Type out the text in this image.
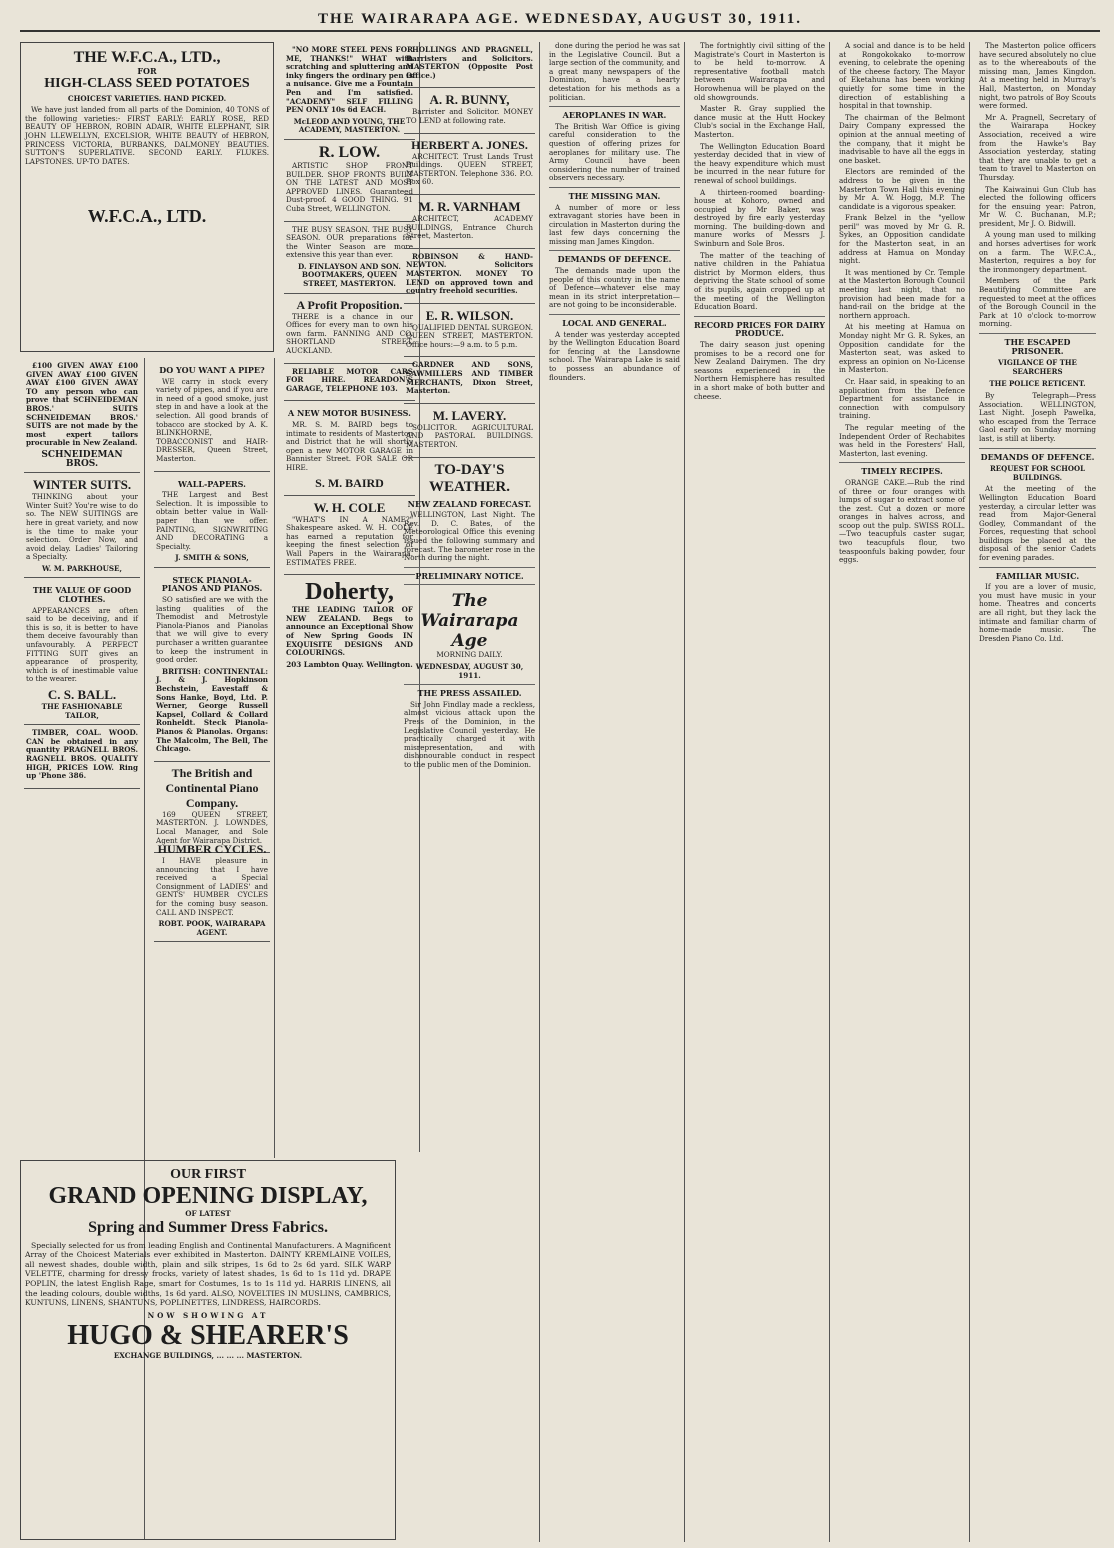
THE WAIRARAPA AGE. WEDNESDAY, AUGUST 30, 1911.
THE W.F.C.A., LTD.,
FOR
HIGH-CLASS SEED POTATOES
CHOICEST VARIETIES. HAND PICKED.

We have just landed from all parts of the Dominion, 40 TONS of the following varieties:- FIRST EARLY: EARLY ROSE, RED BEAUTY OF HEBRON, ROBIN ADAIR, WHITE ELEPHANT, SIR JOHN LLEWELLYN, EXCELSIOR, WHITE BEAUTY of HEBRON, PRINCESS VICTORIA, BURBANKS, DALMONEY BEAUTIES. SUTTON'S SUPERLATIVE. SECOND EARLY. FLUKES. LAPSTONES. UP-TO DATES.

W.F.C.A., LTD.

£100 GIVEN AWAY £100 GIVEN AWAY £100 GIVEN AWAY £100 GIVEN AWAY TO any person who can prove that SCHNEIDEMAN BROS.' SUITS SCHNEIDEMAN BROS.' SUITS are not made by the most expert tailors procurable in New Zealand.

SCHNEIDEMAN BROS.
WINTER SUITS.

THINKING about your Winter Suit? You're wise to do so. The NEW SUITINGS are here in great variety, and now is the time to make your selection. Order Now, and avoid delay. Ladies' Tailoring a Specialty.

W. M. PARKHOUSE,
THE VALUE OF GOOD CLOTHES.

APPEARANCES are often said to be deceiving, and if this is so, it is better to have them deceive favourably than unfavourably. A PERFECT FITTING SUIT gives an appearance of prosperity, which is of inestimable value to the wearer.

C. S. BALL.
THE FASHIONABLE TAILOR,

TIMBER, COAL. WOOD. CAN be obtained in any quantity PRAGNELL BROS. RAGNELL BROS. QUALITY HIGH, PRICES LOW. Ring up 'Phone 386.

DO YOU WANT A PIPE?

WE carry in stock every variety of pipes, and if you are in need of a good smoke, just step in and have a look at the selection. All good brands of tobacco are stocked by A. K. BLINKHORNE, TOBACCONIST and HAIR-DRESSER, Queen Street, Masterton.

WALL-PAPERS.

THE Largest and Best Selection. It is impossible to obtain better value in Wall-paper than we offer. PAINTING, SIGNWRITING AND DECORATING a Specialty.

J. SMITH & SONS,
STECK PIANOLA-PIANOS AND PIANOS.

SO satisfied are we with the lasting qualities of the Themodist and Metrostyle Pianola-Pianos and Pianolas that we will give to every purchaser a written guarantee to keep the instrument in good order.

BRITISH: CONTINENTAL: J. & J. Hopkinson Bechstein, Eavestaff & Sons Hanke, Boyd, Ltd. P. Werner, George Russell Kapsel, Collard & Collard Ronheldt. Steck Pianola-Pianos & Pianolas. Organs: The Malcolm, The Bell, The Chicago.

The British and Continental Piano Company.

169 QUEEN STREET, MASTERTON. J. LOWNDES, Local Manager, and Sole Agent for Wairarapa District.

HUMBER CYCLES.

I HAVE pleasure in announcing that I have received a Special Consignment of LADIES' and GENTS' HUMBER CYCLES for the coming busy season. CALL AND INSPECT.

ROBT. POOK, WAIRARAPA AGENT.
OUR FIRST
GRAND OPENING DISPLAY,
OF LATEST
Spring and Summer Dress Fabrics.

Specially selected for us from leading English and Continental Manufacturers. A Magnificent Array of the Choicest Materials ever exhibited in Masterton. DAINTY KREMLAINE VOILES, all newest shades, double width, plain and silk stripes, 1s 6d to 2s 6d yard. SILK WARP VELETTE, charming for dressy frocks, variety of latest shades, 1s 6d to 1s 11d yd. DRAPE POPLIN, the latest English Rage, smart for Costumes, 1s to 1s 11d yd. HARRIS LINENS, all the leading colours, double widths, 1s 6d yard. ALSO, NOVELTIES IN MUSLINS, CAMBRICS, KUNTUNS, LINENS, SHANTUNS, POPLINETTES, LINDRESS, HAIRCORDS.

NOW SHOWING AT
HUGO & SHEARER'S
EXCHANGE BUILDINGS, ... ... ... MASTERTON.

"NO MORE STEEL PENS FOR ME, THANKS!" WHAT with scratching and spluttering and inky fingers the ordinary pen is a nuisance. Give me a Fountain Pen and I'm satisfied. "ACADEMY" SELF FILLING PEN ONLY 10s 6d EACH.

McLEOD AND YOUNG, THE ACADEMY, MASTERTON.
R. LOW.

ARTISTIC SHOP FRONT BUILDER. SHOP FRONTS BUILT ON THE LATEST AND MOST APPROVED LINES. Guaranteed Dust-proof. 4 GOOD THING. 91 Cuba Street, WELLINGTON.

THE BUSY SEASON. THE BUSY SEASON. OUR preparations for the Winter Season are more extensive this year than ever.

D. FINLAYSON AND SON. BOOTMAKERS, QUEEN STREET, MASTERTON.
A Profit Proposition.

THERE is a chance in our Offices for every man to own his own farm. FANNING AND CO. SHORTLAND STREET, AUCKLAND.

RELIABLE MOTOR CARS FOR HIRE. REARDON'S GARAGE, TELEPHONE 103.

A NEW MOTOR BUSINESS.

MR. S. M. BAIRD begs to intimate to residents of Masterton and District that he will shortly open a new MOTOR GARAGE in Bannister Street. FOR SALE OR HIRE.

S. M. BAIRD
W. H. COLE

"WHAT'S IN A NAME?" Shakespeare asked. W. H. COLE has earned a reputation for keeping the finest selection of Wall Papers in the Wairarapa. ESTIMATES FREE.

Doherty,

THE LEADING TAILOR OF NEW ZEALAND. Begs to announce an Exceptional Show of New Spring Goods IN EXQUISITE DESIGNS AND COLOURINGS.

203 Lambton Quay. Wellington.

HOLLINGS AND PRAGNELL, Barristers and Solicitors. MASTERTON (Opposite Post Office.)

A. R. BUNNY,

Barrister and Solicitor. MONEY TO LEND at following rate.

HERBERT A. JONES.

ARCHITECT. Trust Lands Trust Buildings. QUEEN STREET, MASTERTON. Telephone 336. P.O. Box 60.

M. R. VARNHAM

ARCHITECT, ACADEMY BUILDINGS, Entrance Church Street, Masterton.

ROBINSON & HAND-NEWTON. Solicitors MASTERTON. MONEY TO LEND on approved town and country freehold securities.

E. R. WILSON.

QUALIFIED DENTAL SURGEON. QUEEN STREET, MASTERTON. Office hours:—9 a.m. to 5 p.m.

GARDNER AND SONS, SAWMILLERS AND TIMBER MERCHANTS, Dixon Street, Masterton.

M. LAVERY.

SOLICITOR. AGRICULTURAL AND PASTORAL BUILDINGS. MASTERTON.

TO-DAY'S WEATHER.
NEW ZEALAND FORECAST.

WELLINGTON, Last Night. The Rev. D. C. Bates, of the Meteorological Office this evening issued the following summary and forecast. The barometer rose in the North during the night.

PRELIMINARY NOTICE.
The Wairarapa Age
MORNING DAILY.
WEDNESDAY, AUGUST 30, 1911.
THE PRESS ASSAILED.

Sir John Findlay made a reckless, almost vicious attack upon the Press of the Dominion, in the Legislative Council yesterday. He practically charged it with misrepresentation, and with dishonourable conduct in respect to the public men of the Dominion.

done during the period he was sat in the Legislative Council. But a large section of the community, and a great many newspapers of the Dominion, have a hearty detestation for his methods as a politician.

AEROPLANES IN WAR.

The British War Office is giving careful consideration to the question of offering prizes for aeroplanes for military use. The Army Council have been considering the number of trained observers necessary.

THE MISSING MAN.

A number of more or less extravagant stories have been in circulation in Masterton during the last few days concerning the missing man James Kingdon.

DEMANDS OF DEFENCE.

The demands made upon the people of this country in the name of Defence—whatever else may mean in its strict interpretation—are not going to be inconsiderable.

LOCAL AND GENERAL.

A tender was yesterday accepted by the Wellington Education Board for fencing at the Lansdowne school. The Wairarapa Lake is said to possess an abundance of flounders.

The fortnightly civil sitting of the Magistrate's Court in Masterton is to be held to-morrow. A representative football match between Wairarapa and Horowhenua will be played on the old showgrounds.

Master R. Gray supplied the dance music at the Hutt Hockey Club's social in the Exchange Hall, Masterton.

The Wellington Education Board yesterday decided that in view of the heavy expenditure which must be incurred in the near future for renewal of school buildings.

A thirteen-roomed boarding-house at Kohoro, owned and occupied by Mr Baker, was destroyed by fire early yesterday morning. The building-down and manure works of Messrs J. Swinburn and Sole Bros.

The matter of the teaching of native children in the Pahiatua district by Mormon elders, thus depriving the State school of some of its pupils, again cropped up at the meeting of the Wellington Education Board.

RECORD PRICES FOR DAIRY PRODUCE.

The dairy season just opening promises to be a record one for New Zealand Dairymen. The dry seasons experienced in the Northern Hemisphere has resulted in a short make of both butter and cheese.

A social and dance is to be held at Rongokokako to-morrow evening, to celebrate the opening of the cheese factory. The Mayor of Eketahuna has been working quietly for some time in the direction of establishing a hospital in that township.

The chairman of the Belmont Dairy Company expressed the opinion at the annual meeting of the company, that it might be inadvisable to have all the eggs in one basket.

Electors are reminded of the address to be given in the Masterton Town Hall this evening by Mr A. W. Hogg, M.P. The candidate is a vigorous speaker.

Frank Belzel in the "yellow peril" was moved by Mr G. R. Sykes, an Opposition candidate for the Masterton seat, in an address at Hamua on Monday night.

It was mentioned by Cr. Temple at the Masterton Borough Council meeting last night, that no provision had been made for a hand-rail on the bridge at the northern approach.

At his meeting at Hamua on Monday night Mr G. R. Sykes, an Opposition candidate for the Masterton seat, was asked to express an opinion on No-License in Masterton.

Cr. Haar said, in speaking to an application from the Defence Department for assistance in connection with compulsory training.

The regular meeting of the Independent Order of Rechabites was held in the Foresters' Hall, Masterton, last evening.

TIMELY RECIPES.

ORANGE CAKE.—Rub the rind of three or four oranges with lumps of sugar to extract some of the zest. Cut a dozen or more oranges in halves across, and scoop out the pulp. SWISS ROLL.—Two teacupfuls caster sugar, two teacupfuls flour, two teaspoonfuls baking powder, four eggs.

The Masterton police officers have secured absolutely no clue as to the whereabouts of the missing man, James Kingdon. At a meeting held in Murray's Hall, Masterton, on Monday night, two patrols of Boy Scouts were formed.

Mr A. Pragnell, Secretary of the Wairarapa Hockey Association, received a wire from the Hawke's Bay Association yesterday, stating that they are unable to get a team to travel to Masterton on Thursday.

The Kaiwainui Gun Club has elected the following officers for the ensuing year: Patron, Mr W. C. Buchanan, M.P.; president, Mr J. O. Bidwill.

A young man used to milking and horses advertises for work on a farm. The W.F.C.A., Masterton, requires a boy for the ironmongery department.

Members of the Park Beautifying Committee are requested to meet at the offices of the Borough Council in the Park at 10 o'clock to-morrow morning.

THE ESCAPED PRISONER.
VIGILANCE OF THE SEARCHERS
THE POLICE RETICENT.

By Telegraph—Press Association. WELLINGTON, Last Night. Joseph Pawelka, who escaped from the Terrace Gaol early on Sunday morning last, is still at liberty.

DEMANDS OF DEFENCE.
REQUEST FOR SCHOOL BUILDINGS.

At the meeting of the Wellington Education Board yesterday, a circular letter was read from Major-General Godley, Commandant of the Forces, requesting that school buildings be placed at the disposal of the senior Cadets for evening parades.

FAMILIAR MUSIC.

If you are a lover of music, you must have music in your home. Theatres and concerts are all right, but they lack the intimate and familiar charm of home-made music. The Dresden Piano Co. Ltd.
